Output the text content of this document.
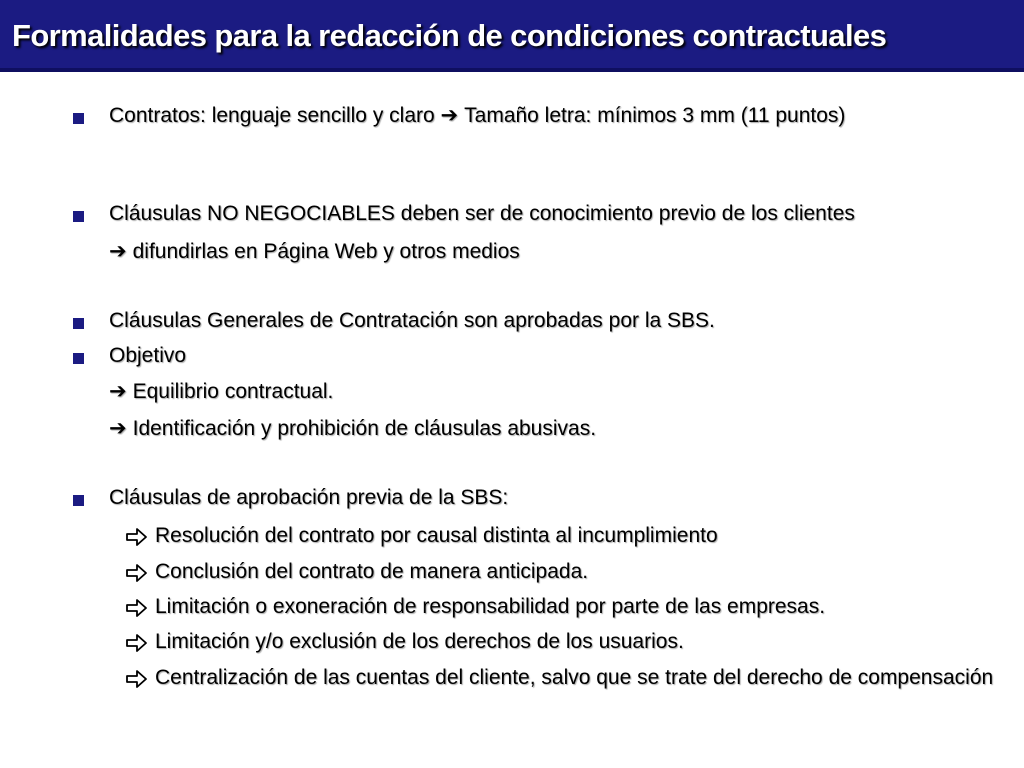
Formalidades para la redacción de condiciones contractuales
Contratos: lenguaje sencillo y claro ➔ Tamaño letra: mínimos 3 mm (11 puntos)
Cláusulas NO NEGOCIABLES deben ser de conocimiento previo de los clientes
➔ difundirlas en Página Web y otros medios
Cláusulas Generales de Contratación son aprobadas por la SBS.
Objetivo
➔ Equilibrio contractual.
➔ Identificación y prohibición de cláusulas abusivas.
Cláusulas de aprobación previa de la SBS:
Resolución del contrato por causal distinta al incumplimiento
Conclusión del contrato de manera anticipada.
Limitación o exoneración de responsabilidad por parte de las empresas.
Limitación y/o exclusión de los derechos de los usuarios.
Centralización de las cuentas del cliente, salvo que se trate del derecho de compensación
